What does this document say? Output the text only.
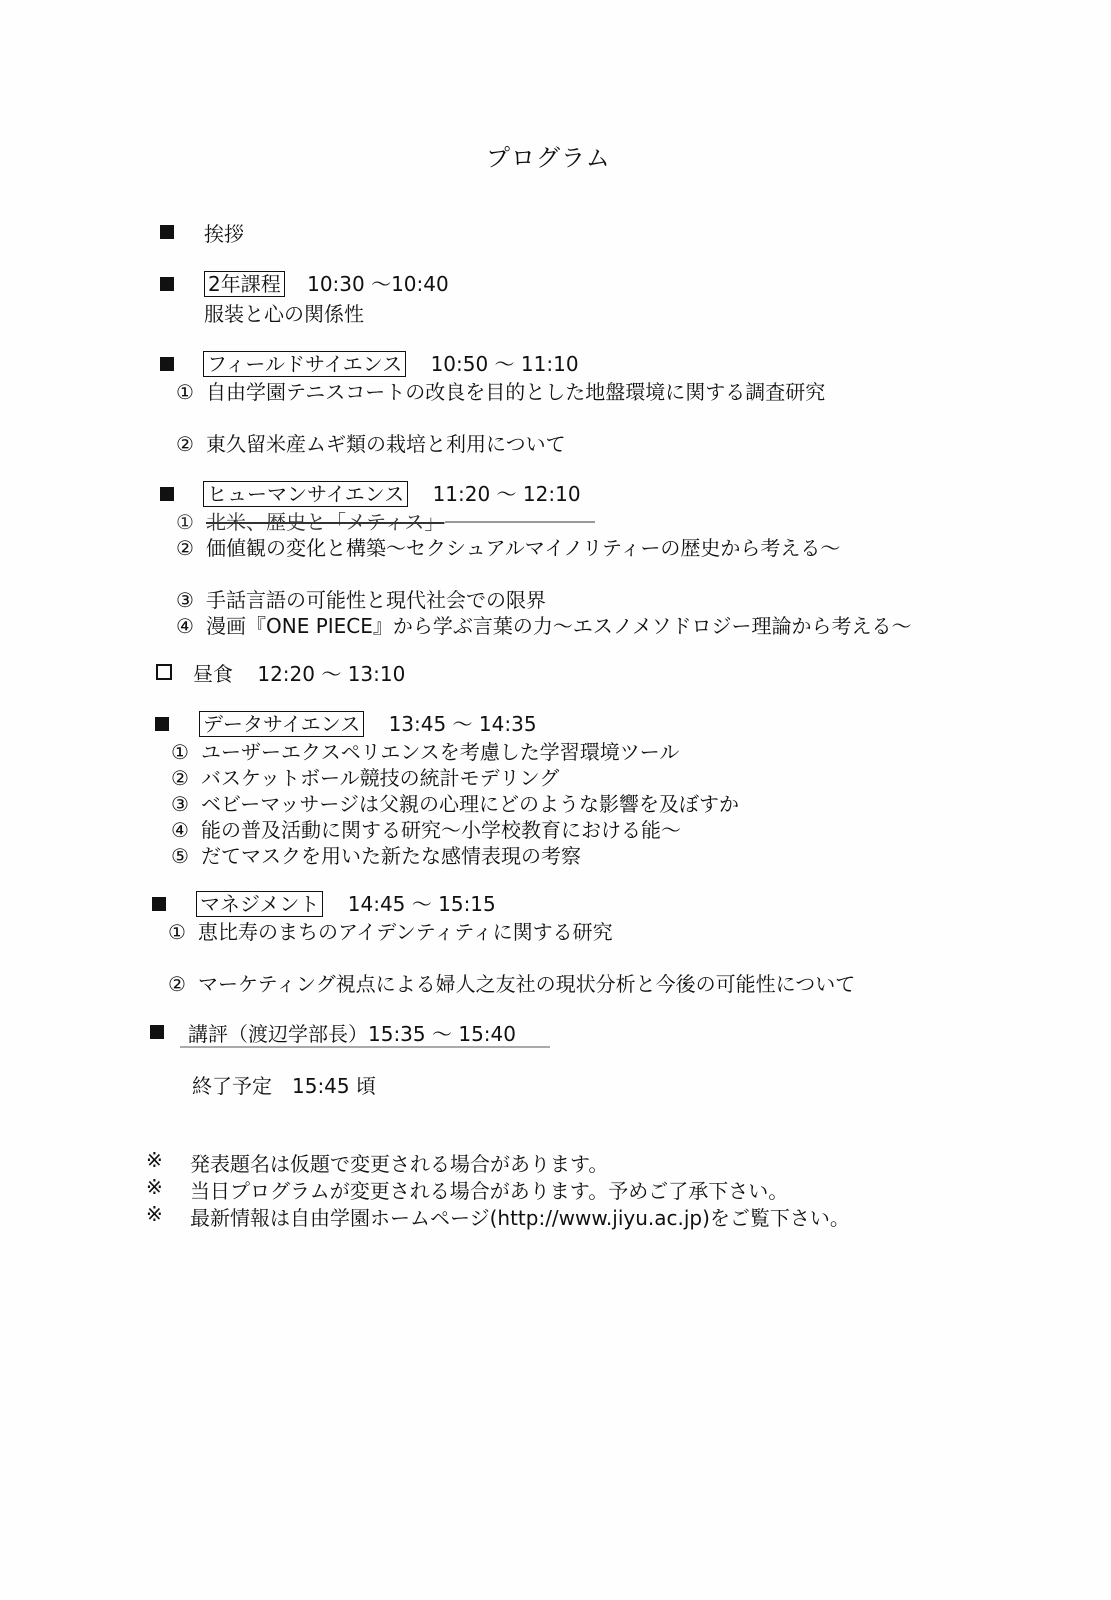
プログラム
挨拶
2年課程 10:30 ～10:40
服装と心の関係性
フィールドサイエンス 10:50 ～ 11:10
① 自由学園テニスコートの改良を目的とした地盤環境に関する調査研究
② 東久留米産ムギ類の栽培と利用について
ヒューマンサイエンス 11:20 ～ 12:10
① 北米、歴史と「メティス」
② 価値観の変化と構築～セクシュアルマイノリティーの歴史から考える～
③ 手話言語の可能性と現代社会での限界
④ 漫画『ONE PIECE』から学ぶ言葉の力～エスノメソドロジー理論から考える～
昼食 12:20 ～ 13:10
データサイエンス 13:45 ～ 14:35
① ユーザーエクスペリエンスを考慮した学習環境ツール
② バスケットボール競技の統計モデリング
③ ベビーマッサージは父親の心理にどのような影響を及ぼすか
④ 能の普及活動に関する研究～小学校教育における能～
⑤ だてマスクを用いた新たな感情表現の考察
マネジメント 14:45 ～ 15:15
① 恵比寿のまちのアイデンティティに関する研究
② マーケティング視点による婦人之友社の現状分析と今後の可能性について
講評（渡辺学部長）15:35 ～ 15:40
終了予定　15:45 頃
※ 発表題名は仮題で変更される場合があります。
※ 当日プログラムが変更される場合があります。予めご了承下さい。
※ 最新情報は自由学園ホームページ(http://www.jiyu.ac.jp)をご覧下さい。
